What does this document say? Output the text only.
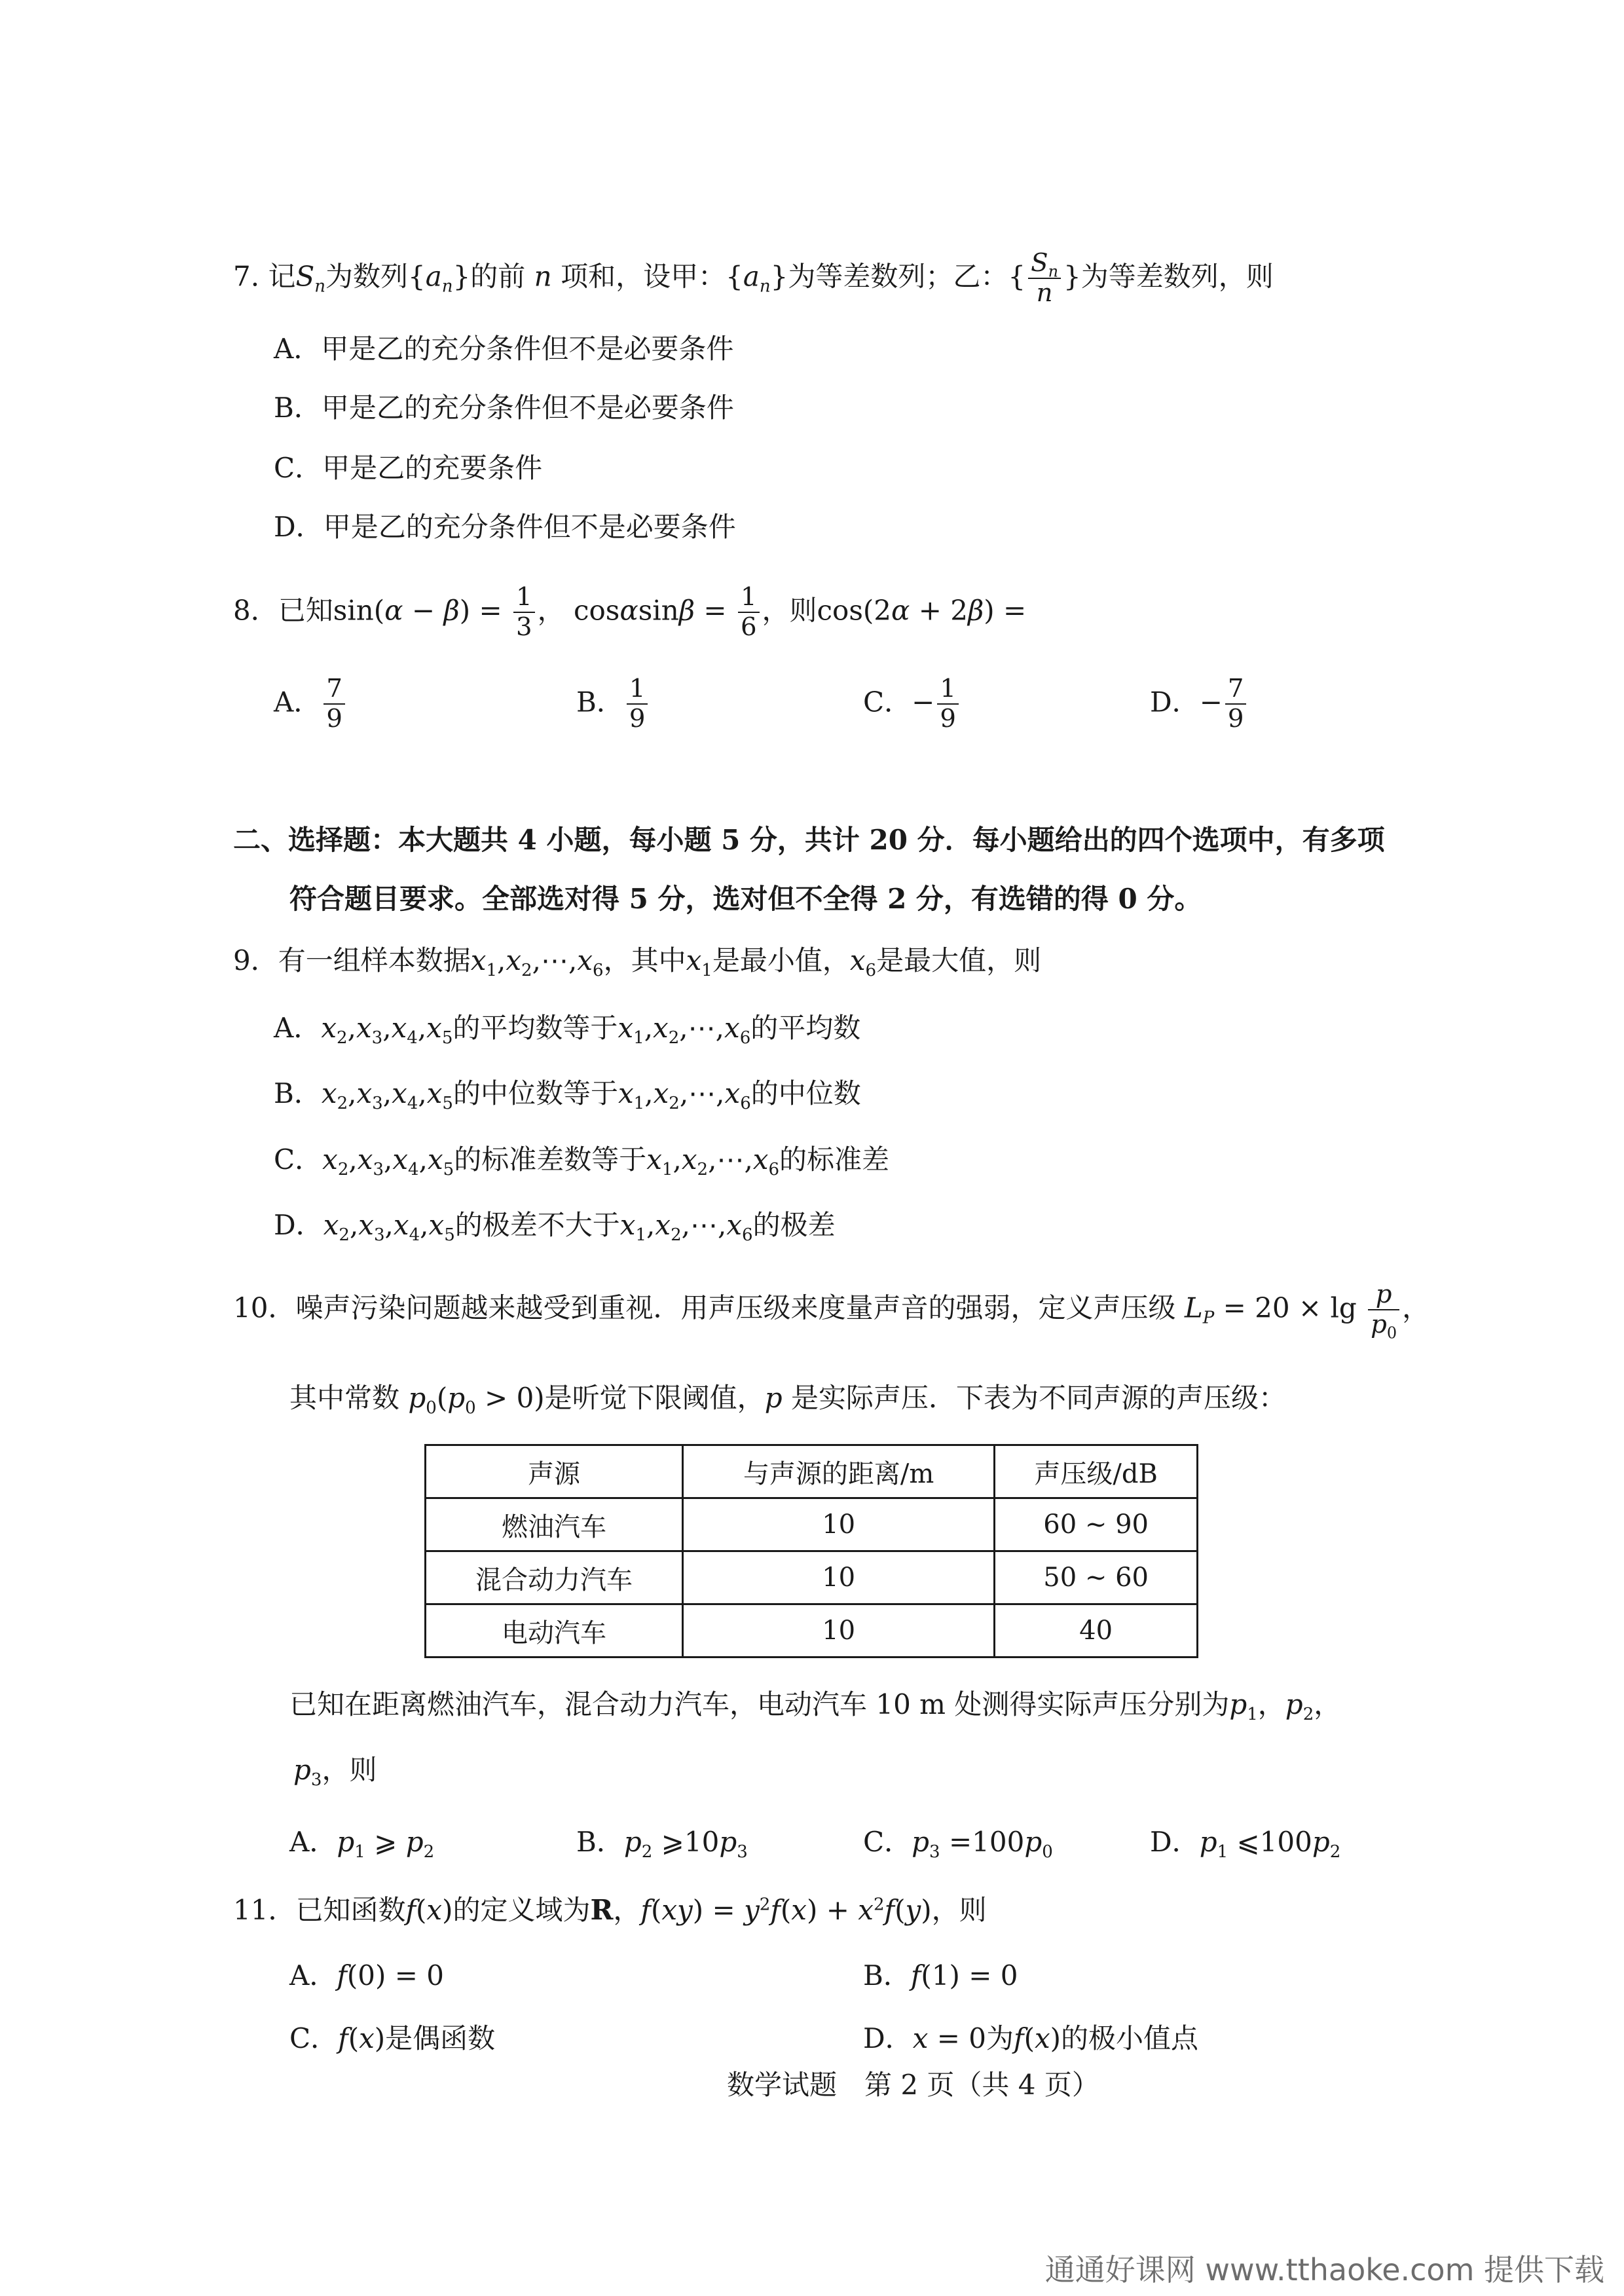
7. 记$S_n$为数列$\{a_n\}$的前 n 项和，设甲：$\{a_n\}$为等差数列；乙：{ $\frac{S_n}{n}$ }为等差数列，则
A．甲是乙的充分条件但不是必要条件
B．甲是乙的充分条件但不是必要条件
C．甲是乙的充要条件
D．甲是乙的充分条件但不是必要条件
8．已知$\sin(\alpha - \beta) = \frac{1}{3}$ ， $\cos\alpha\sin\beta = \frac{1}{6}$ ，则cos(2α + 2β) =
A． $\frac{7}{9}$	B． $\frac{1}{9}$	C．− $\frac{1}{9}$	D．− $\frac{7}{9}$
二、选择题：本大题共 4 小题，每小题 5 分，共计 20 分．每小题给出的四个选项中，有多项
符合题目要求。全部选对得 5 分，选对但不全得 2 分，有选错的得 0 分。
9．有一组样本数据$x_1,x_2,\cdots,x_6$，其中$x_1$是最小值，$x_6$是最大值，则
A．$x_2,x_3,x_4,x_5$的平均数等于$x_1,x_2,\cdots,x_6$的平均数
B．$x_2,x_3,x_4,x_5$的中位数等于$x_1,x_2,\cdots,x_6$的中位数
C．$x_2,x_3,x_4,x_5$的标准差数等于$x_1,x_2,\cdots,x_6$的标准差
D．$x_2,x_3,x_4,x_5$的极差不大于$x_1,x_2,\cdots,x_6$的极差
10．噪声污染问题越来越受到重视．用声压级来度量声音的强弱，定义声压级 $L_P = 20 \times \lg \frac{p}{p_0}$ ，
其中常数 $p_0(p_0 > 0)$是听觉下限阈值，p 是实际声压．下表为不同声源的声压级：
声源	与声源的距离/m	声压级/dB
燃油汽车	10	60 ~ 90
混合动力汽车	10	50 ~ 60
电动汽车	10	40
已知在距离燃油汽车，混合动力汽车，电动汽车 10 m 处测得实际声压分别为$p_1$，$p_2$，
$p_3$，则
A．$p_1$ ⩾ $p_2$	B．$p_2$ $⩾10p_3$	C．$p_3 =100p_0$	D．$p_1$ $⩽100p_2$
11．已知函数f(x)的定义域为R，$f(xy) = y^2f(x) + x^2f(y)$，则
A．f(0) = 0	B．f(1) = 0
C．f(x)是偶函数	D．x = 0为f(x)的极小值点
数学试题　第 2 页（共 4 页）
通通好课网 www.tthaoke.com 提供下载
